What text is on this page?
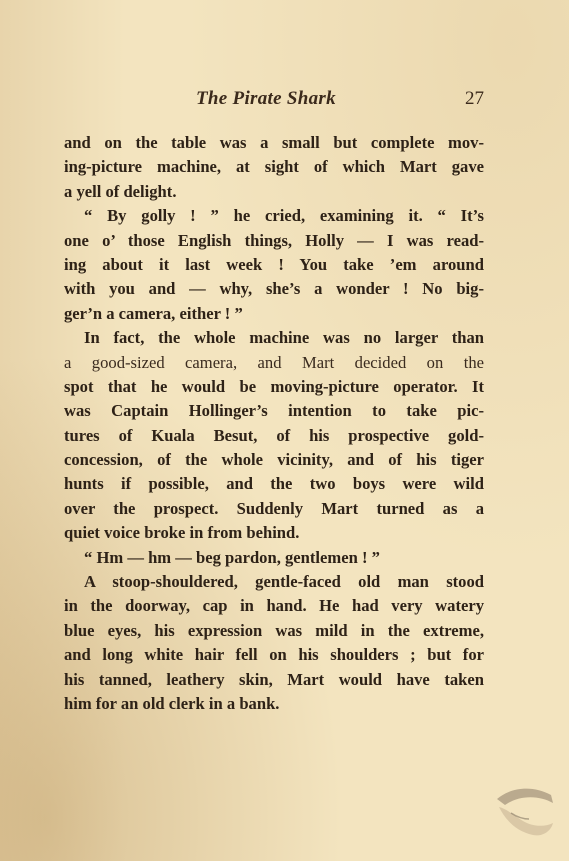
The Pirate Shark	27
and on the table was a small but complete mov-
ing-picture machine, at sight of which Mart gave
a yell of delight.
“ By golly ! ” he cried, examining it. “ It’s
one o’ those English things, Holly — I was read-
ing about it last week ! You take ’em around
with you and — why, she’s a wonder ! No big-
ger’n a camera, either ! ”
In fact, the whole machine was no larger than
a good-sized camera, and Mart decided on the
spot that he would be moving-picture operator. It
was Captain Hollinger’s intention to take pic-
tures of Kuala Besut, of his prospective gold-
concession, of the whole vicinity, and of his tiger
hunts if possible, and the two boys were wild
over the prospect. Suddenly Mart turned as a
quiet voice broke in from behind.
“ Hm — hm — beg pardon, gentlemen ! ”
A stoop-shouldered, gentle-faced old man stood
in the doorway, cap in hand. He had very watery
blue eyes, his expression was mild in the extreme,
and long white hair fell on his shoulders ; but for
his tanned, leathery skin, Mart would have taken
him for an old clerk in a bank.
